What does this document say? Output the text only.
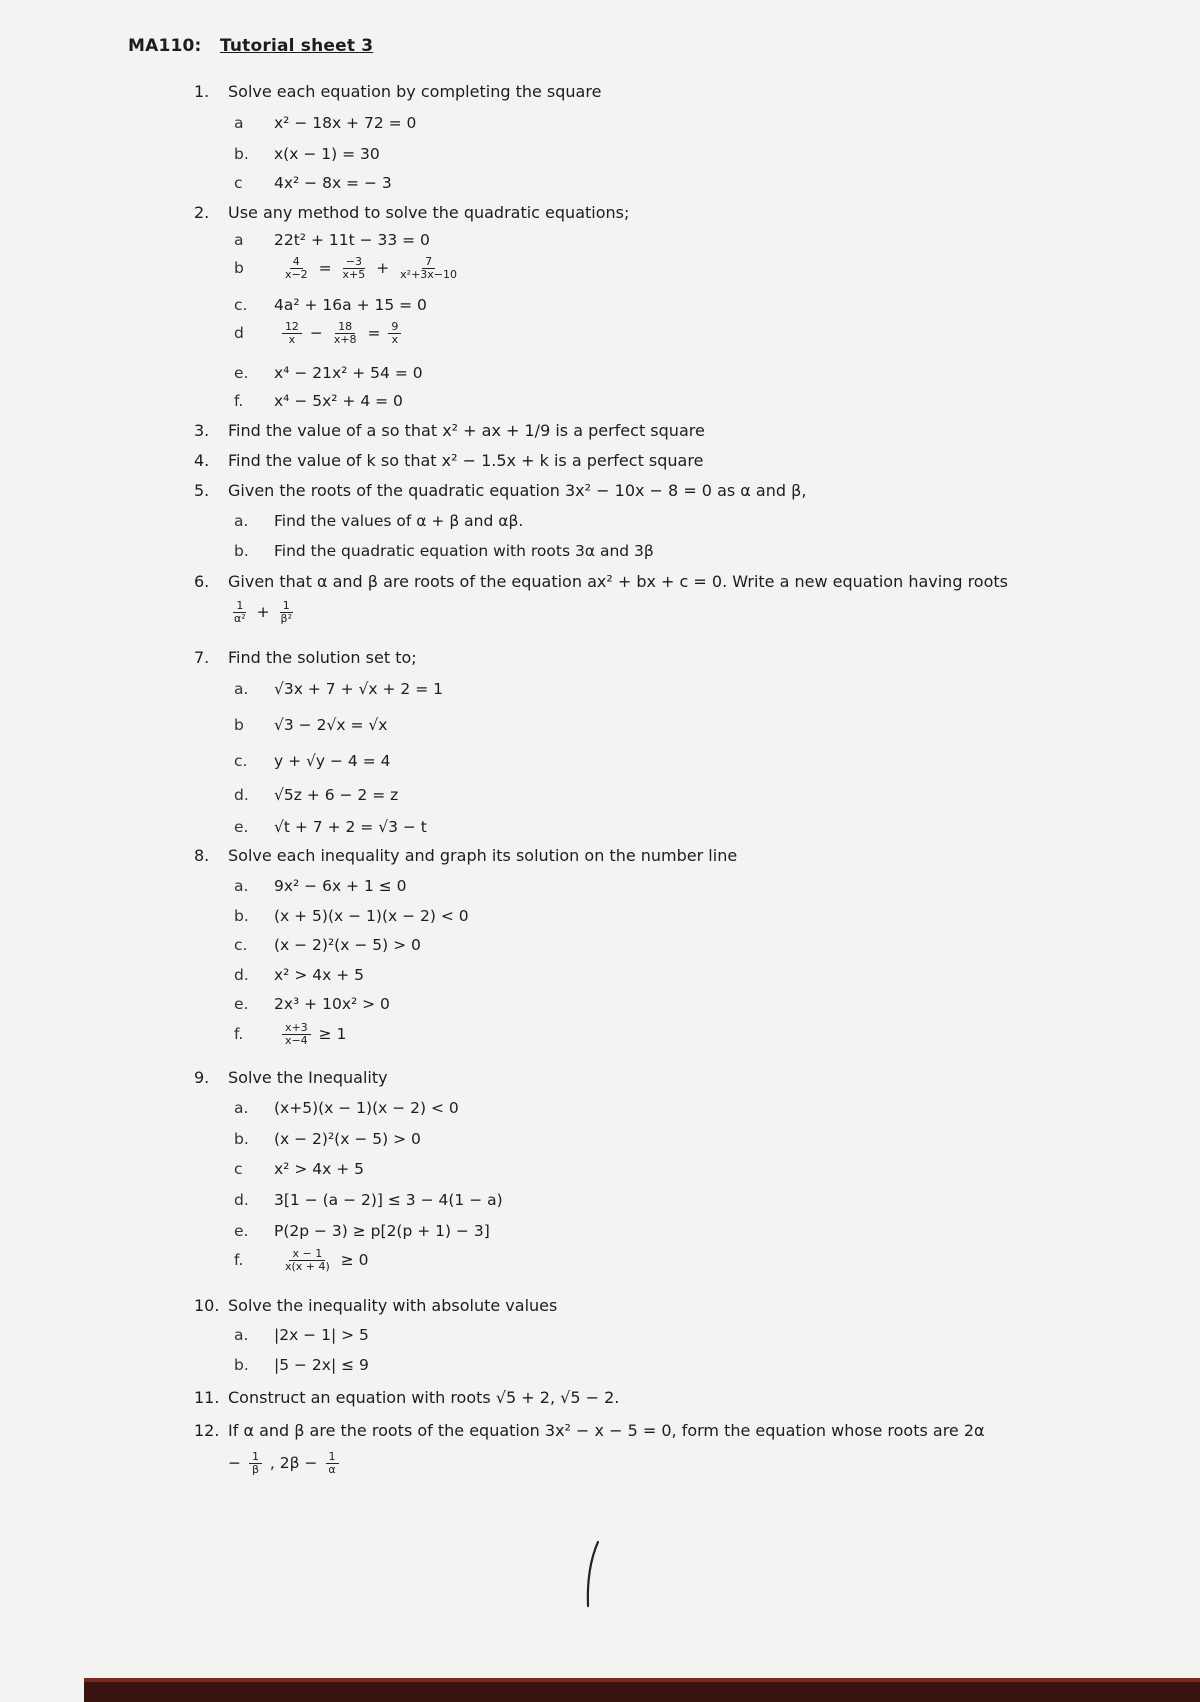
MA110: Tutorial sheet 3
1. Solve each equation by completing the square
a x² − 18x + 72 = 0
b. x(x − 1) = 30
c 4x² − 8x = − 3
2. Use any method to solve the quadratic equations;
a 22t² + 11t − 33 = 0
b	$\frac{4}{x-2} = \frac{-3}{x+5} + \frac{7}{\text{x²+3x−10}}$
c. 4a² + 16a + 15 = 0
d	$\frac{12}{x} - \frac{18}{x+8} = \frac{9}{x}$
e. x⁴ − 21x² + 54 = 0
f. x⁴ − 5x² + 4 = 0
3. Find the value of a so that x² + ax + 1/9 is a perfect square
4. Find the value of k so that x² − 1.5x + k is a perfect square
5. Given the roots of the quadratic equation 3x² − 10x − 8 = 0 as α and β,
a. Find the values of α + β and αβ.
b. Find the quadratic equation with roots 3α and 3β
6. Given that α and β are roots of the equation ax² + bx + c = 0. Write a new equation having roots
$\frac{1}{\text{α²}} + \frac{1}{\text{β²}}$
7. Find the solution set to;
a. √3x + 7 + √x + 2 = 1
b √3 − 2√x = √x
c. y + √y − 4 = 4
d. √5z + 6 − 2 = z
e. √t + 7 + 2 = √3 − t
8. Solve each inequality and graph its solution on the number line
a. 9x² − 6x + 1 ≤ 0
b. (x + 5)(x − 1)(x − 2) < 0
c. (x − 2)²(x − 5) > 0
d. x² > 4x + 5
e. 2x³ + 10x² > 0
f.	$\frac{x+3}{x-4} \ge 1$
9. Solve the Inequality
a. (x+5)(x − 1)(x − 2) < 0
b. (x − 2)²(x − 5) > 0
c x² > 4x + 5
d. 3[1 − (a − 2)] ≤ 3 − 4(1 − a)
e. P(2p − 3) ≥ p[2(p + 1) − 3]
f.	$\frac{x - 1}{x(x + 4)} \ge 0$
10. Solve the inequality with absolute values
a. |2x − 1| > 5
b. |5 − 2x| ≤ 9
11. Construct an equation with roots √5 + 2, √5 − 2.
12. If α and β are the roots of the equation 3x² − x − 5 = 0, form the equation whose roots are 2α
− $\frac{1}{\beta}$ , $2\beta - \frac{1}{\alpha}$
